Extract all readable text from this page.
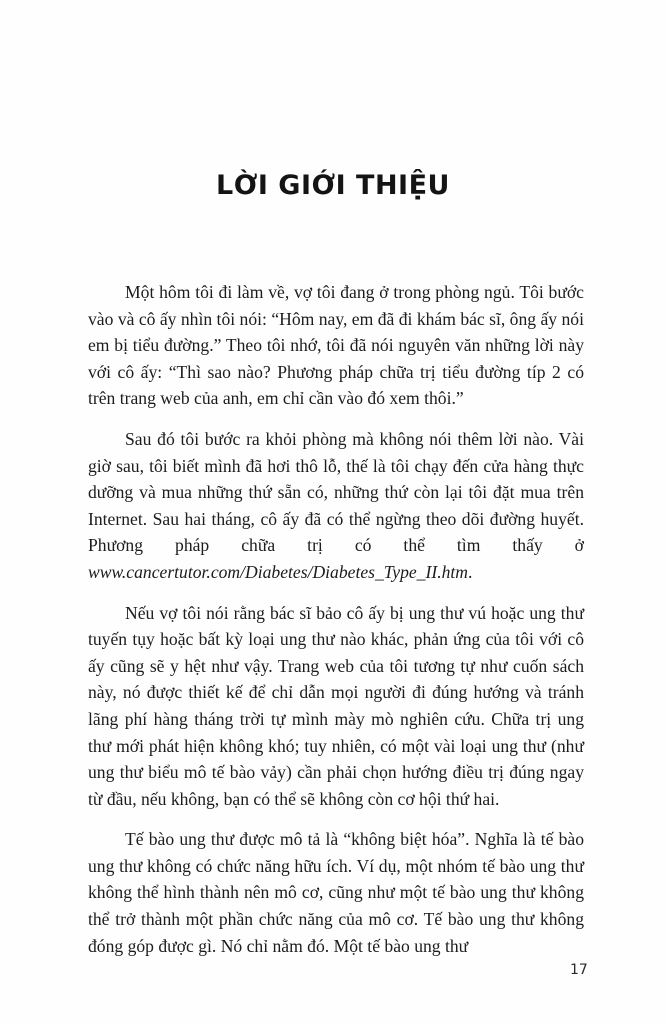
LỜI GIỚI THIỆU

Một hôm tôi đi làm về, vợ tôi đang ở trong phòng ngủ. Tôi bước vào và cô ấy nhìn tôi nói: “Hôm nay, em đã đi khám bác sĩ, ông ấy nói em bị tiểu đường.” Theo tôi nhớ, tôi đã nói nguyên văn những lời này với cô ấy: “Thì sao nào? Phương pháp chữa trị tiểu đường típ 2 có trên trang web của anh, em chỉ cần vào đó xem thôi.”

Sau đó tôi bước ra khỏi phòng mà không nói thêm lời nào. Vài giờ sau, tôi biết mình đã hơi thô lỗ, thế là tôi chạy đến cửa hàng thực dưỡng và mua những thứ sẵn có, những thứ còn lại tôi đặt mua trên Internet. Sau hai tháng, cô ấy đã có thể ngừng theo dõi đường huyết. Phương pháp chữa trị có thể tìm thấy ở www.cancertutor.com/Diabetes/Diabetes_Type_II.htm.

Nếu vợ tôi nói rằng bác sĩ bảo cô ấy bị ung thư vú hoặc ung thư tuyến tụy hoặc bất kỳ loại ung thư nào khác, phản ứng của tôi với cô ấy cũng sẽ y hệt như vậy. Trang web của tôi tương tự như cuốn sách này, nó được thiết kế để chỉ dẫn mọi người đi đúng hướng và tránh lãng phí hàng tháng trời tự mình mày mò nghiên cứu. Chữa trị ung thư mới phát hiện không khó; tuy nhiên, có một vài loại ung thư (như ung thư biểu mô tế bào vảy) cần phải chọn hướng điều trị đúng ngay từ đầu, nếu không, bạn có thể sẽ không còn cơ hội thứ hai.

Tế bào ung thư được mô tả là “không biệt hóa”. Nghĩa là tế bào ung thư không có chức năng hữu ích. Ví dụ, một nhóm tế bào ung thư không thể hình thành nên mô cơ, cũng như một tế bào ung thư không thể trở thành một phần chức năng của mô cơ. Tế bào ung thư không đóng góp được gì. Nó chỉ nằm đó. Một tế bào ung thư

17
